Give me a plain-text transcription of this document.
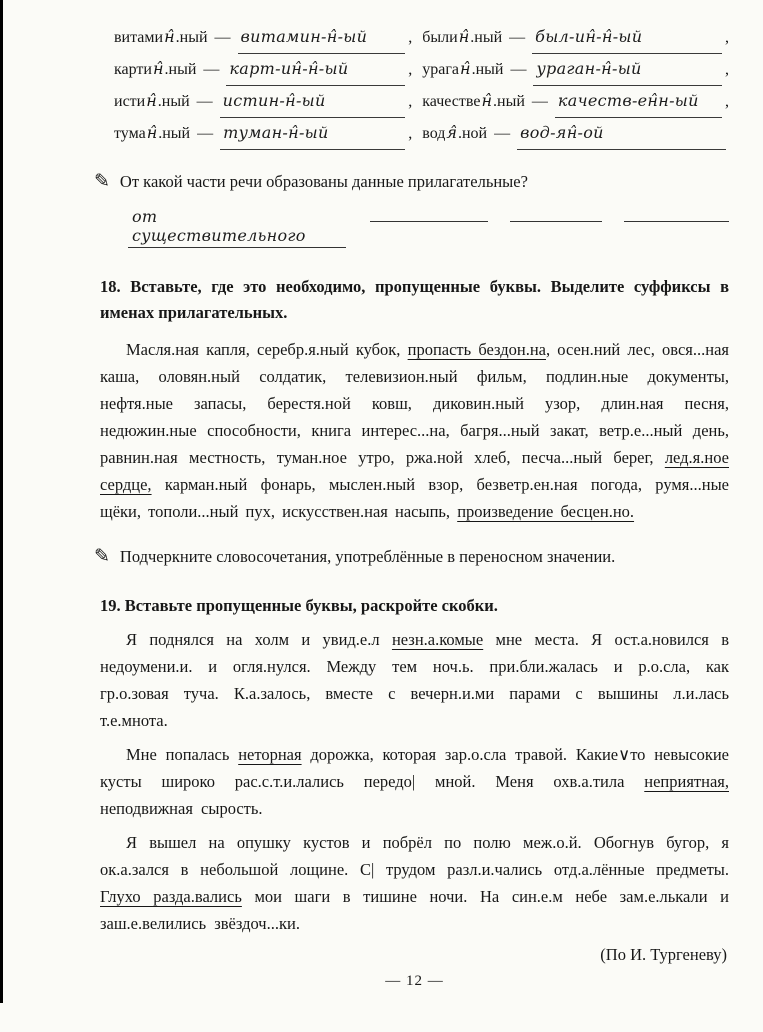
витамин̂.ный — витамин-н̂-ый	, былин̂.ный — был-ин̂-н̂-ый	,
картин̂.ный — карт-ин̂-н̂-ый	, ураган̂.ный — ураган-н̂-ый	,
истин̂.ный — истин-н̂-ый	, качествен̂.ный — качеств-ен̂н-ый	,
туман̂.ный — туман-н̂-ый	, водя̂.ной — вод-ян̂-ой
✎ От какой части речи образованы данные прилагательные?
от существительного
18. Вставьте, где это необходимо, пропущенные буквы. Выделите суффиксы в именах прилагательных.

Масля.ная капля, серебр.я.ный кубок, пропасть бездон.на, осен.ний лес, овся...ная каша, оловян.ный солдатик, телевизион.ный фильм, подлин.ные документы, нефтя.ные запасы, берестя.ной ковш, диковин.ный узор, длин.ная песня, недюжин.ные способности, книга интерес...на, багря...ный закат, ветр.е...ный день, равнин.ная местность, туман.ное утро, ржа.ной хлеб, песча...ный берег, лед.я.ное сердце, карман.ный фонарь, мыслен.ный взор, безветр.ен.ная погода, румя...ные щёки, тополи...ный пух, искусствен.ная насыпь, произведение бесцен.но.

✎ Подчеркните словосочетания, употреблённые в переносном значении.
19. Вставьте пропущенные буквы, раскройте скобки.

Я поднялся на холм и увид.е.л незн.а.комые мне места. Я ост.а.новился в недоумени.и. и огля.нулся. Между тем ноч.ь. при.бли.жалась и р.о.сла, как гр.о.зовая туча. К.а.залось, вместе с вечерн.и.ми парами с вышины л.и.лась т.е.мнота.

Мне попалась неторная дорожка, которая зар.о.сла травой. Какие∨то невысокие кусты широко рас.с.т.и.лались передо| мной. Меня охв.а.тила неприятная, неподвижная сырость.

Я вышел на опушку кустов и побрёл по полю меж.о.й. Обогнув бугор, я ок.а.зался в небольшой лощине. С| трудом разл.и.чались отд.а.лённые предметы. Глухо разда.вались мои шаги в тишине ночи. На син.е.м небе зам.е.лькали и заш.е.велились звёздоч...ки.

(По И. Тургеневу)
— 12 —
